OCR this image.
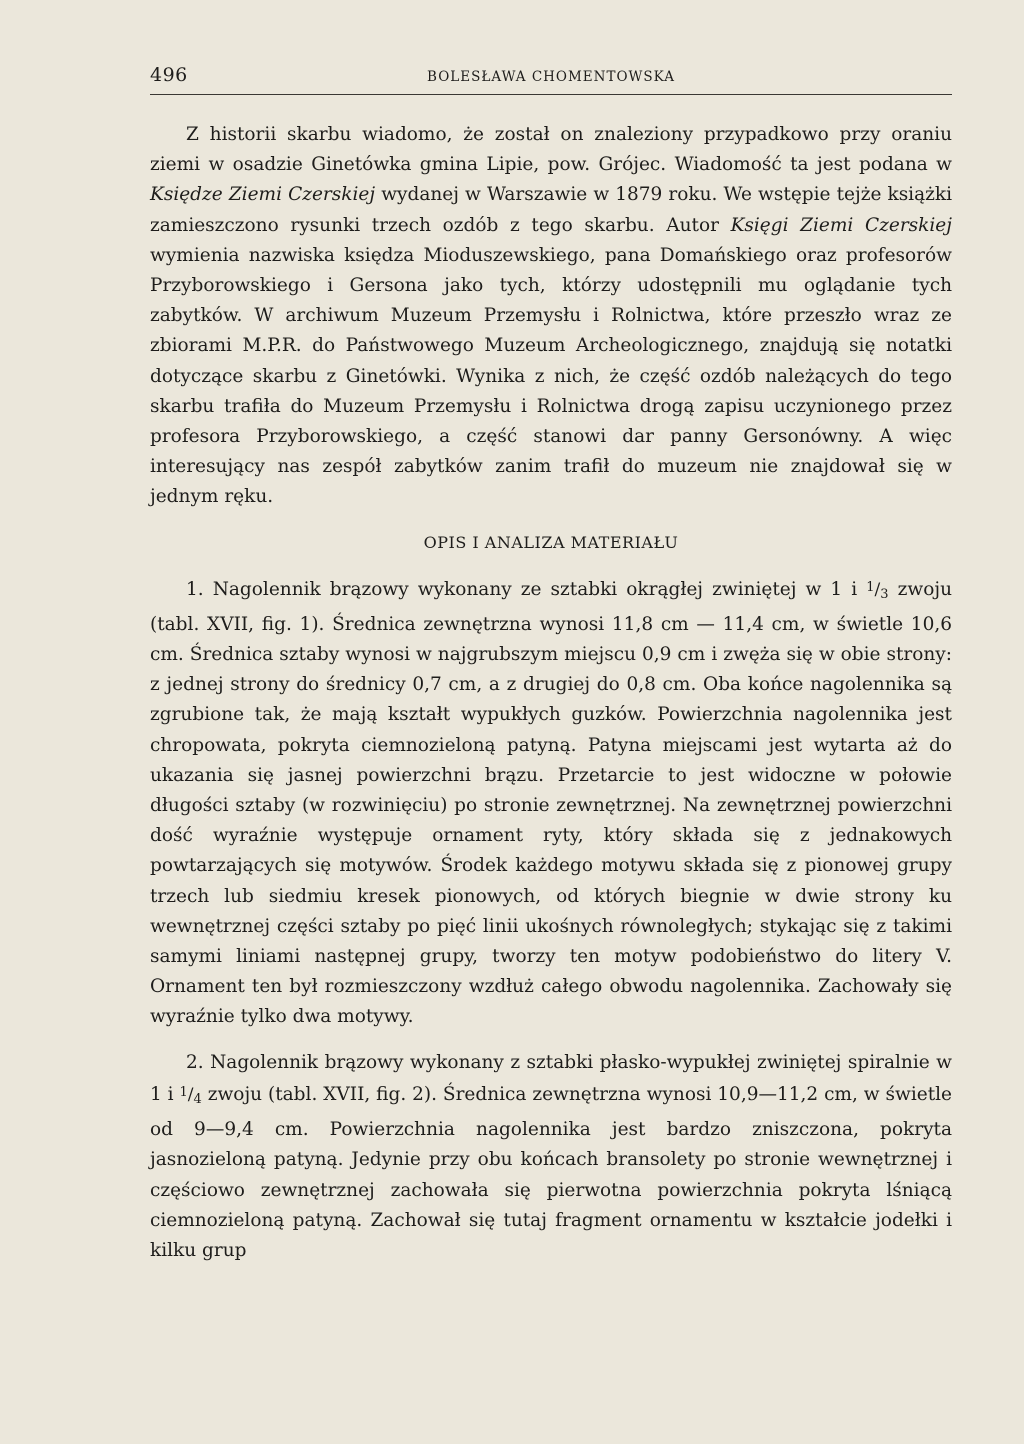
496	BOLESŁAWA CHOMENTOWSKA

Z historii skarbu wiadomo, że został on znaleziony przypadkowo przy oraniu ziemi w osadzie Ginetówka gmina Lipie, pow. Grójec. Wiadomość ta jest podana w Księdze Ziemi Czerskiej wydanej w Warszawie w 1879 roku. We wstępie tejże książki zamieszczono rysunki trzech ozdób z tego skarbu. Autor Księgi Ziemi Czerskiej wymienia nazwiska księdza Mioduszewskiego, pana Domańskiego oraz profesorów Przyborowskiego i Gersona jako tych, którzy udostępnili mu oglądanie tych zabytków. W archiwum Muzeum Przemysłu i Rolnictwa, które przeszło wraz ze zbiorami M.P.R. do Państwowego Muzeum Archeologicznego, znajdują się notatki dotyczące skarbu z Ginetówki. Wynika z nich, że część ozdób należących do tego skarbu trafiła do Muzeum Przemysłu i Rolnictwa drogą zapisu uczynionego przez profesora Przyborowskiego, a część stanowi dar panny Gersonówny. A więc interesujący nas zespół zabytków zanim trafił do muzeum nie znajdował się w jednym ręku.

OPIS I ANALIZA MATERIAŁU

1. Nagolennik brązowy wykonany ze sztabki okrągłej zwiniętej w 1 i $^1$/3 zwoju (tabl. XVII, fig. 1). Średnica zewnętrzna wynosi 11,8 cm — 11,4 cm, w świetle 10,6 cm. Średnica sztaby wynosi w najgrubszym miejscu 0,9 cm i zwęża się w obie strony: z jednej strony do średnicy 0,7 cm, a z drugiej do 0,8 cm. Oba końce nagolennika są zgrubione tak, że mają kształt wypukłych guzków. Powierzchnia nagolennika jest chropowata, pokryta ciemnozieloną patyną. Patyna miejscami jest wytarta aż do ukazania się jasnej powierzchni brązu. Przetarcie to jest widoczne w połowie długości sztaby (w rozwinięciu) po stronie zewnętrznej. Na zewnętrznej powierzchni dość wyraźnie występuje ornament ryty, który składa się z jednakowych powtarzających się motywów. Środek każdego motywu składa się z pionowej grupy trzech lub siedmiu kresek pionowych, od których biegnie w dwie strony ku wewnętrznej części sztaby po pięć linii ukośnych równoległych; stykając się z takimi samymi liniami następnej grupy, tworzy ten motyw podobieństwo do litery V. Ornament ten był rozmieszczony wzdłuż całego obwodu nagolennika. Zachowały się wyraźnie tylko dwa motywy.

2. Nagolennik brązowy wykonany z sztabki płasko-wypukłej zwiniętej spiralnie w 1 i $^1$/4 zwoju (tabl. XVII, fig. 2). Średnica zewnętrzna wynosi 10,9—11,2 cm, w świetle od 9—9,4 cm. Powierzchnia nagolennika jest bardzo zniszczona, pokryta jasnozieloną patyną. Jedynie przy obu końcach bransolety po stronie wewnętrznej i częściowo zewnętrznej zachowała się pierwotna powierzchnia pokryta lśniącą ciemnozieloną patyną. Zachował się tutaj fragment ornamentu w kształcie jodełki i kilku grup
